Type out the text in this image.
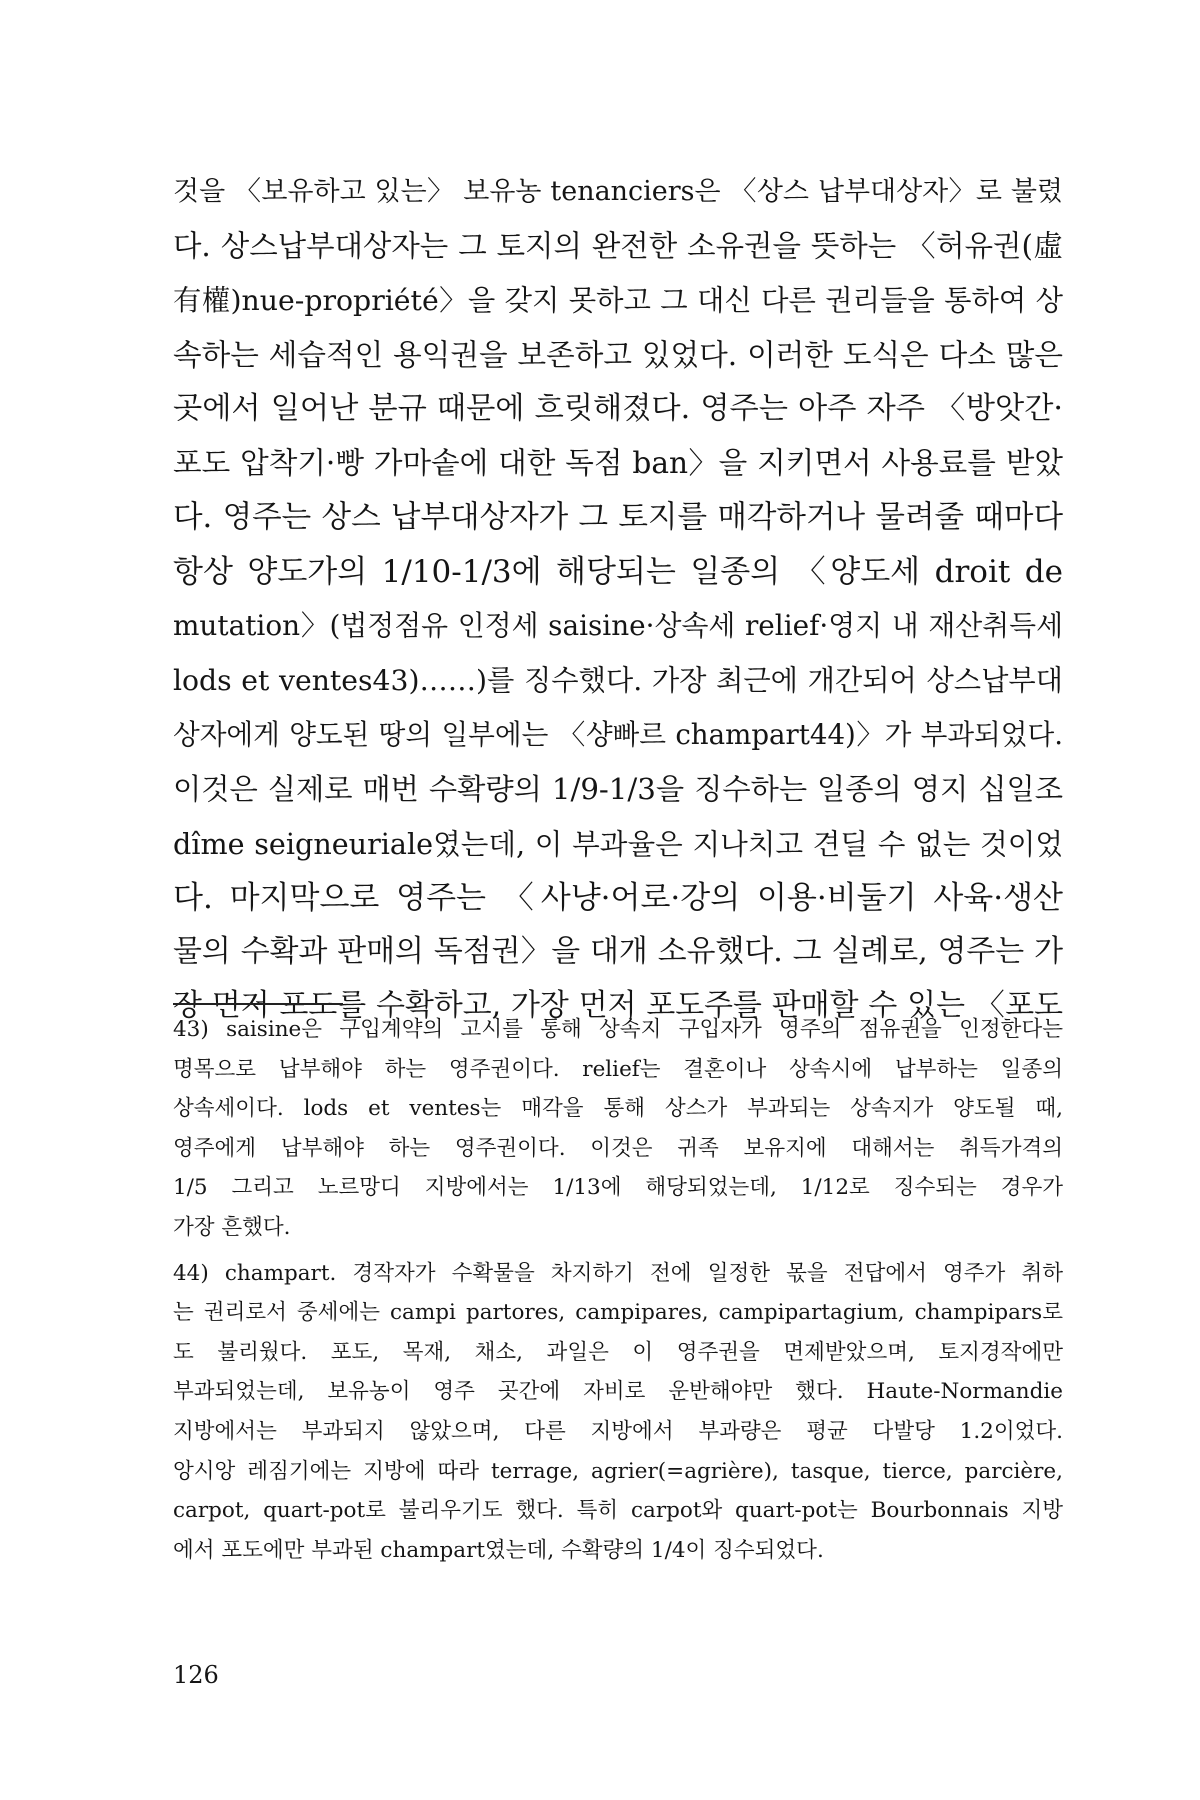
것을 〈보유하고 있는〉 보유농 tenanciers은 〈상스 납부대상자〉로 불렸
다. 상스납부대상자는 그 토지의 완전한 소유권을 뜻하는 〈허유권(虛
有權)nue-propriété〉을 갖지 못하고 그 대신 다른 권리들을 통하여 상
속하는 세습적인 용익권을 보존하고 있었다. 이러한 도식은 다소 많은
곳에서 일어난 분규 때문에 흐릿해졌다. 영주는 아주 자주 〈방앗간·
포도 압착기·빵 가마솥에 대한 독점 ban〉을 지키면서 사용료를 받았
다. 영주는 상스 납부대상자가 그 토지를 매각하거나 물려줄 때마다
항상 양도가의 1/10-1/3에 해당되는 일종의 〈양도세 droit de
mutation〉(법정점유 인정세 saisine·상속세 relief·영지 내 재산취득세
lods et ventes43)……)를 징수했다. 가장 최근에 개간되어 상스납부대
상자에게 양도된 땅의 일부에는 〈샹빠르 champart44)〉가 부과되었다.
이것은 실제로 매번 수확량의 1/9-1/3을 징수하는 일종의 영지 십일조
dîme seigneuriale였는데, 이 부과율은 지나치고 견딜 수 없는 것이었
다. 마지막으로 영주는 〈사냥·어로·강의 이용·비둘기 사육·생산
물의 수확과 판매의 독점권〉을 대개 소유했다. 그 실례로, 영주는 가
장 먼저 포도를 수확하고, 가장 먼저 포도주를 판매할 수 있는 〈포도
43) saisine은 구입계약의 고시를 통해 상속지 구입자가 영주의 점유권을 인정한다는
명목으로 납부해야 하는 영주권이다. relief는 결혼이나 상속시에 납부하는 일종의
상속세이다. lods et ventes는 매각을 통해 상스가 부과되는 상속지가 양도될 때,
영주에게 납부해야 하는 영주권이다. 이것은 귀족 보유지에 대해서는 취득가격의
1/5 그리고 노르망디 지방에서는 1/13에 해당되었는데, 1/12로 징수되는 경우가
가장 흔했다.
44) champart. 경작자가 수확물을 차지하기 전에 일정한 몫을 전답에서 영주가 취하
는 권리로서 중세에는 campi partores, campipares, campipartagium, champipars로
도 불리웠다. 포도, 목재, 채소, 과일은 이 영주권을 면제받았으며, 토지경작에만
부과되었는데, 보유농이 영주 곳간에 자비로 운반해야만 했다. Haute-Normandie
지방에서는 부과되지 않았으며, 다른 지방에서 부과량은 평균 다발당 1.2이었다.
앙시앙 레짐기에는 지방에 따라 terrage, agrier(=agrière), tasque, tierce, parcière,
carpot, quart-pot로 불리우기도 했다. 특히 carpot와 quart-pot는 Bourbonnais 지방
에서 포도에만 부과된 champart였는데, 수확량의 1/4이 징수되었다.
126
